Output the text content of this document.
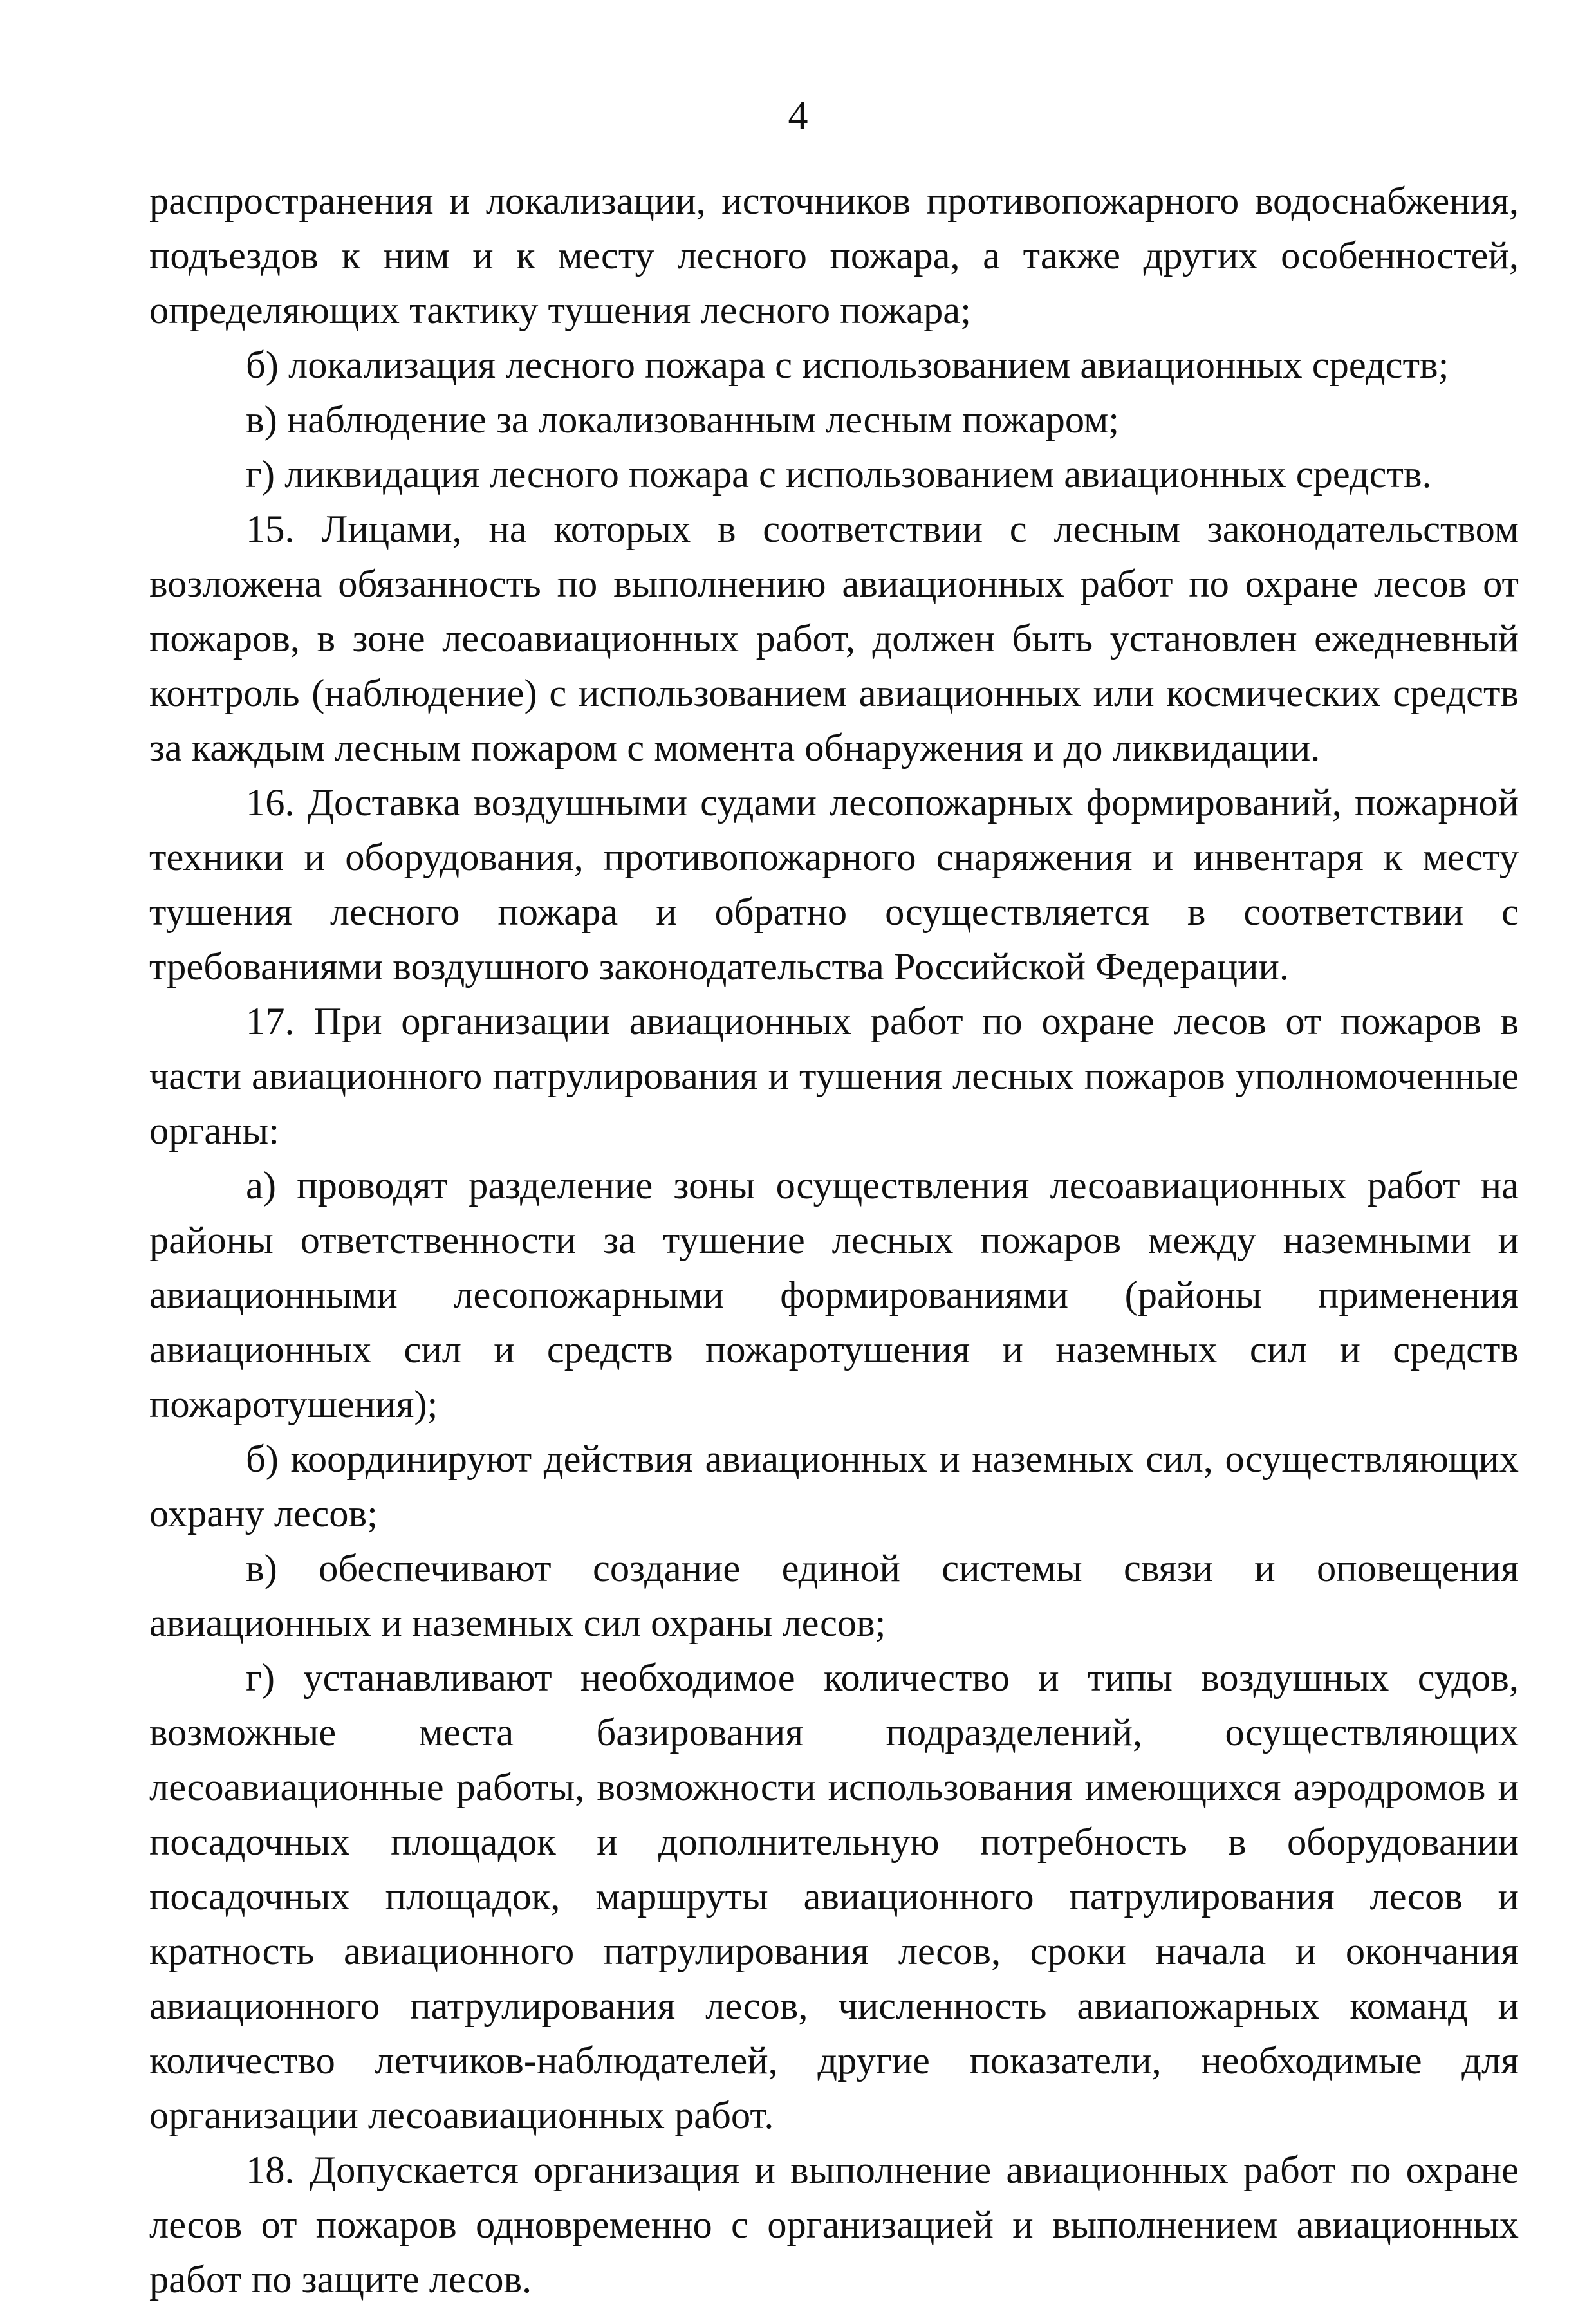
4

распространения и локализации, источников противопожарного водоснабжения, подъездов к ним и к месту лесного пожара, а также других особенностей, определяющих тактику тушения лесного пожара;

б) локализация лесного пожара с использованием авиационных средств;

в) наблюдение за локализованным лесным пожаром;

г) ликвидация лесного пожара с использованием авиационных средств.

15. Лицами, на которых в соответствии с лесным законодательством возложена обязанность по выполнению авиационных работ по охране лесов от пожаров, в зоне лесоавиационных работ, должен быть установлен ежедневный контроль (наблюдение) с использованием авиационных или космических средств за каждым лесным пожаром с момента обнаружения и до ликвидации.

16. Доставка воздушными судами лесопожарных формирований, пожарной техники и оборудования, противопожарного снаряжения и инвентаря к месту тушения лесного пожара и обратно осуществляется в соответствии с требованиями воздушного законодательства Российской Федерации.

17. При организации авиационных работ по охране лесов от пожаров в части авиационного патрулирования и тушения лесных пожаров уполномоченные органы:

а) проводят разделение зоны осуществления лесоавиационных работ на районы ответственности за тушение лесных пожаров между наземными и авиационными лесопожарными формированиями (районы применения авиационных сил и средств пожаротушения и наземных сил и средств пожаротушения);

б) координируют действия авиационных и наземных сил, осуществляющих охрану лесов;

в) обеспечивают создание единой системы связи и оповещения авиационных и наземных сил охраны лесов;

г) устанавливают необходимое количество и типы воздушных судов, возможные места базирования подразделений, осуществляющих лесоавиационные работы, возможности использования имеющихся аэродромов и посадочных площадок и дополнительную потребность в оборудовании посадочных площадок, маршруты авиационного патрулирования лесов и кратность авиационного патрулирования лесов, сроки начала и окончания авиационного патрулирования лесов, численность авиапожарных команд и количество летчиков-наблюдателей, другие показатели, необходимые для организации лесоавиационных работ.

18. Допускается организация и выполнение авиационных работ по охране лесов от пожаров одновременно с организацией и выполнением авиационных работ по защите лесов.
